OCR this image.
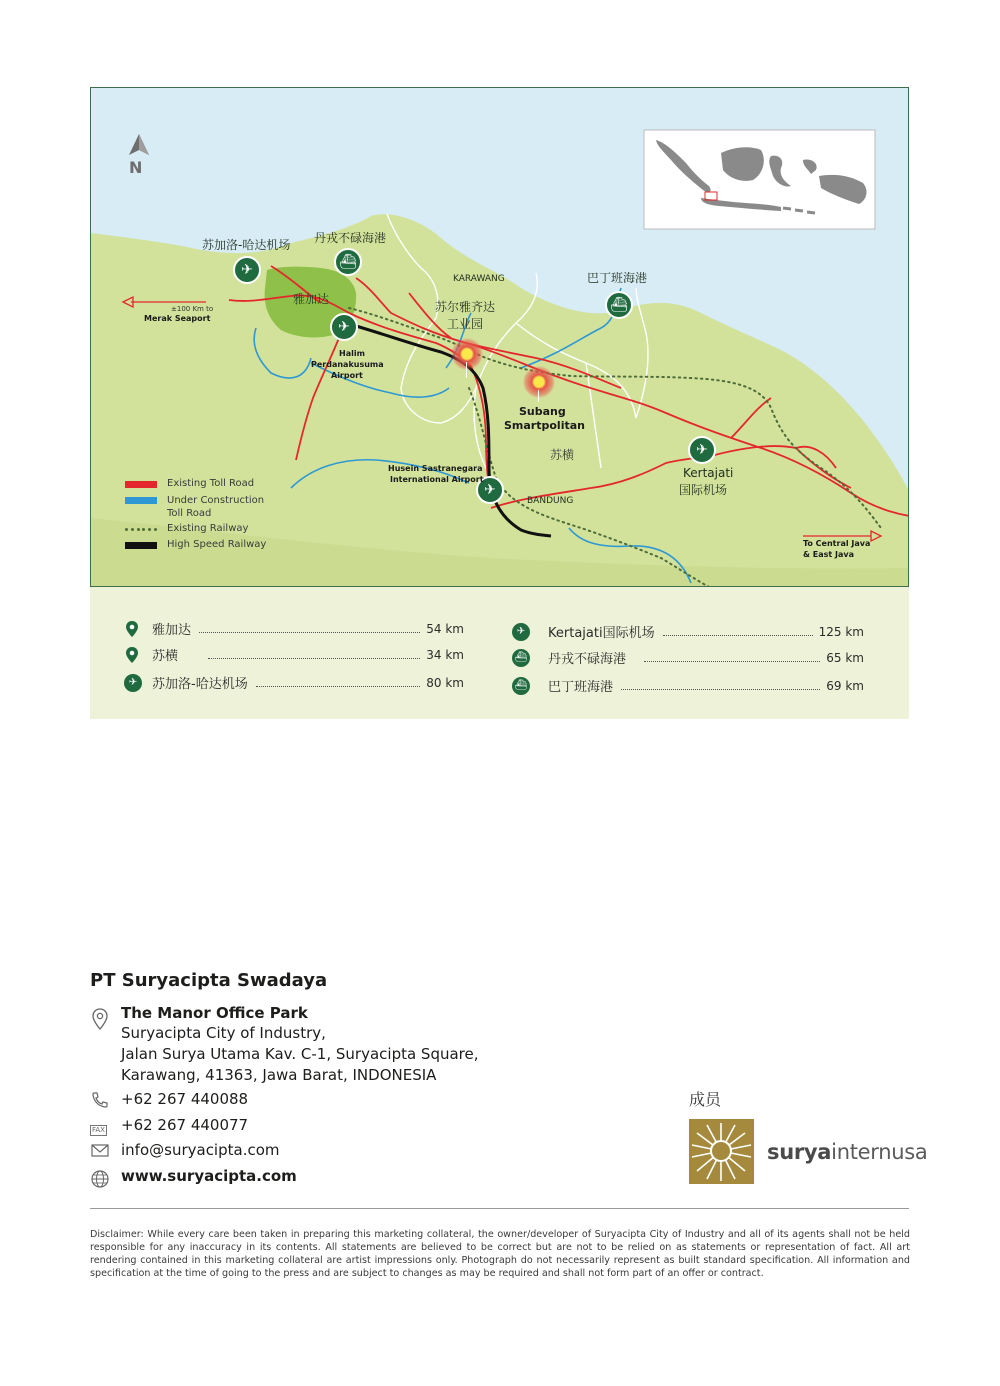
N
✈	⛴
✈
⛴
✈
✈
苏加洛-哈达机场 丹戎不碌海港
雅加达
KARAWANG	巴丁班海港
苏尔雅齐达
工业园
±100 Km to
Merak Seaport
Halim
Perdanakusuma
Airport
Subang
Smartpolitan
苏横
Husein Sastranegara
International Airport
BANDUNG
Kertajati
国际机场
To Central Java
& East Java
Existing Toll Road
Under Construction Toll Road
Existing Railway
High Speed Railway
雅加达	54 km
苏横	34 km
✈	苏加洛-哈达机场	80 km
✈	Kertajati国际机场	125 km
⛴ 丹戎不碌海港	65 km
⛴ 巴丁班海港	69 km
PT Suryacipta Swadaya
The Manor Office Park
Suryacipta City of Industry,
Jalan Surya Utama Kav. C-1, Suryacipta Square,
Karawang, 41363, Jawa Barat, INDONESIA
+62 267 440088
FAX	+62 267 440077
info@suryacipta.com
www.suryacipta.com
成员
suryainternusa
Disclaimer: While every care been taken in preparing this marketing collateral, the owner/developer of Suryacipta City of Industry and all of its agents shall not be held responsible for any inaccuracy in its contents. All statements are believed to be correct but are not to be relied on as statements or representation of fact. All art rendering contained in this marketing collateral are artist impressions only. Photograph do not necessarily represent as built standard specification. All information and specification at the time of going to the press and are subject to changes as may be required and shall not form part of an offer or contract.
